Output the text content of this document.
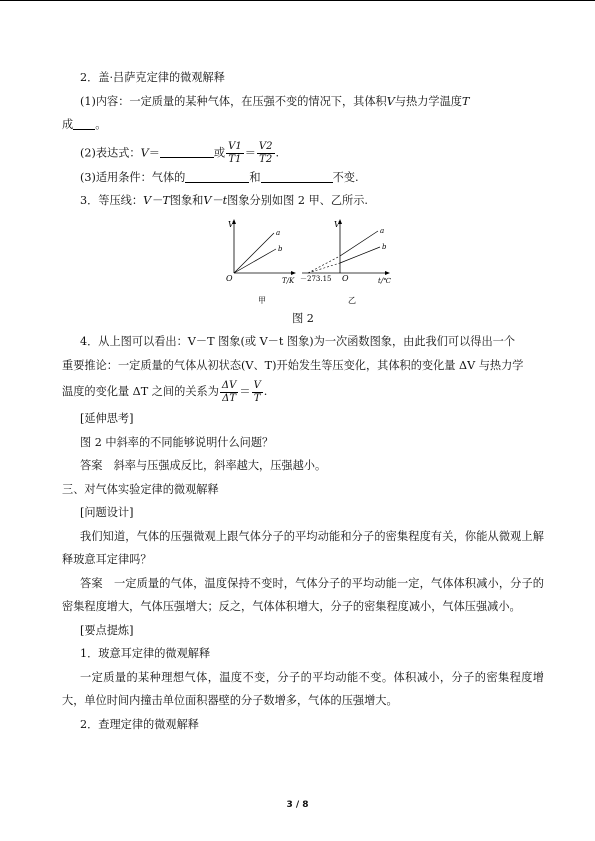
2．盖·吕萨克定律的微观解释

(1)内容：一定质量的某种气体，在压强不变的情况下，其体积V与热力学温度T

成 。

(2)表达式：V＝	或 $\frac{V1}{T1} = \frac{V2}{T2}$ .

(3)适用条件：气体的	和	不变.

3．等压线：V－T图象和V－t图象分别如图 2 甲、乙所示.

V
O	T/K
a
b
甲
V
O
－273.15	t/℃
a
b
乙

图 2

4．从上图可以看出：V－T 图象(或 V－t 图象)为一次函数图象，由此我们可以得出一个

重要推论：一定质量的气体从初状态(V、T)开始发生等压变化，其体积的变化量 ΔV 与热力学

温度的变化量 ΔT 之间的关系为 $\frac{\Delta V}{\Delta T} = \frac{V}{T}$ .

[延伸思考]

图 2 中斜率的不同能够说明什么问题？

答案　斜率与压强成反比，斜率越大，压强越小。

三、对气体实验定律的微观解释

[问题设计]

我们知道，气体的压强微观上跟气体分子的平均动能和分子的密集程度有关，你能从微观上解释玻意耳定律吗？

答案　一定质量的气体，温度保持不变时，气体分子的平均动能一定，气体体积减小，分子的密集程度增大，气体压强增大；反之，气体体积增大，分子的密集程度减小，气体压强减小。

[要点提炼]

1．玻意耳定律的微观解释

一定质量的某种理想气体，温度不变，分子的平均动能不变。体积减小，分子的密集程度增大，单位时间内撞击单位面积器壁的分子数增多，气体的压强增大。

2．查理定律的微观解释

3 / 8
